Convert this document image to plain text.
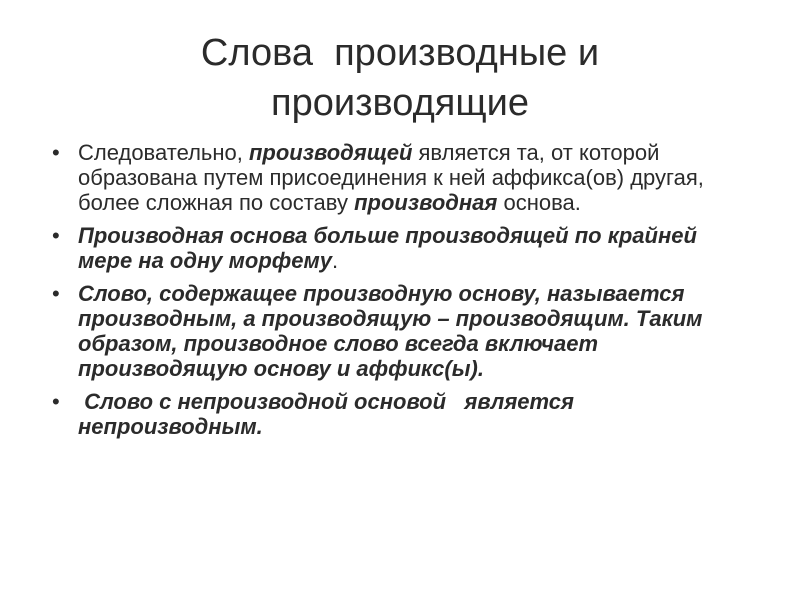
Слова  производные и
производящие
• Следовательно, производящей является та, от которой образована путем присоединения к ней аффикса(ов) другая, более сложная по составу производная основа.
• Производная основа больше производящей по крайней мере на одну морфему.
• Слово, содержащее производную основу, называется производным, а производящую – производящим. Таким образом, производное слово всегда включает производящую основу и аффикс(ы).
• Слово с непроизводной основой   является непроизводным.
